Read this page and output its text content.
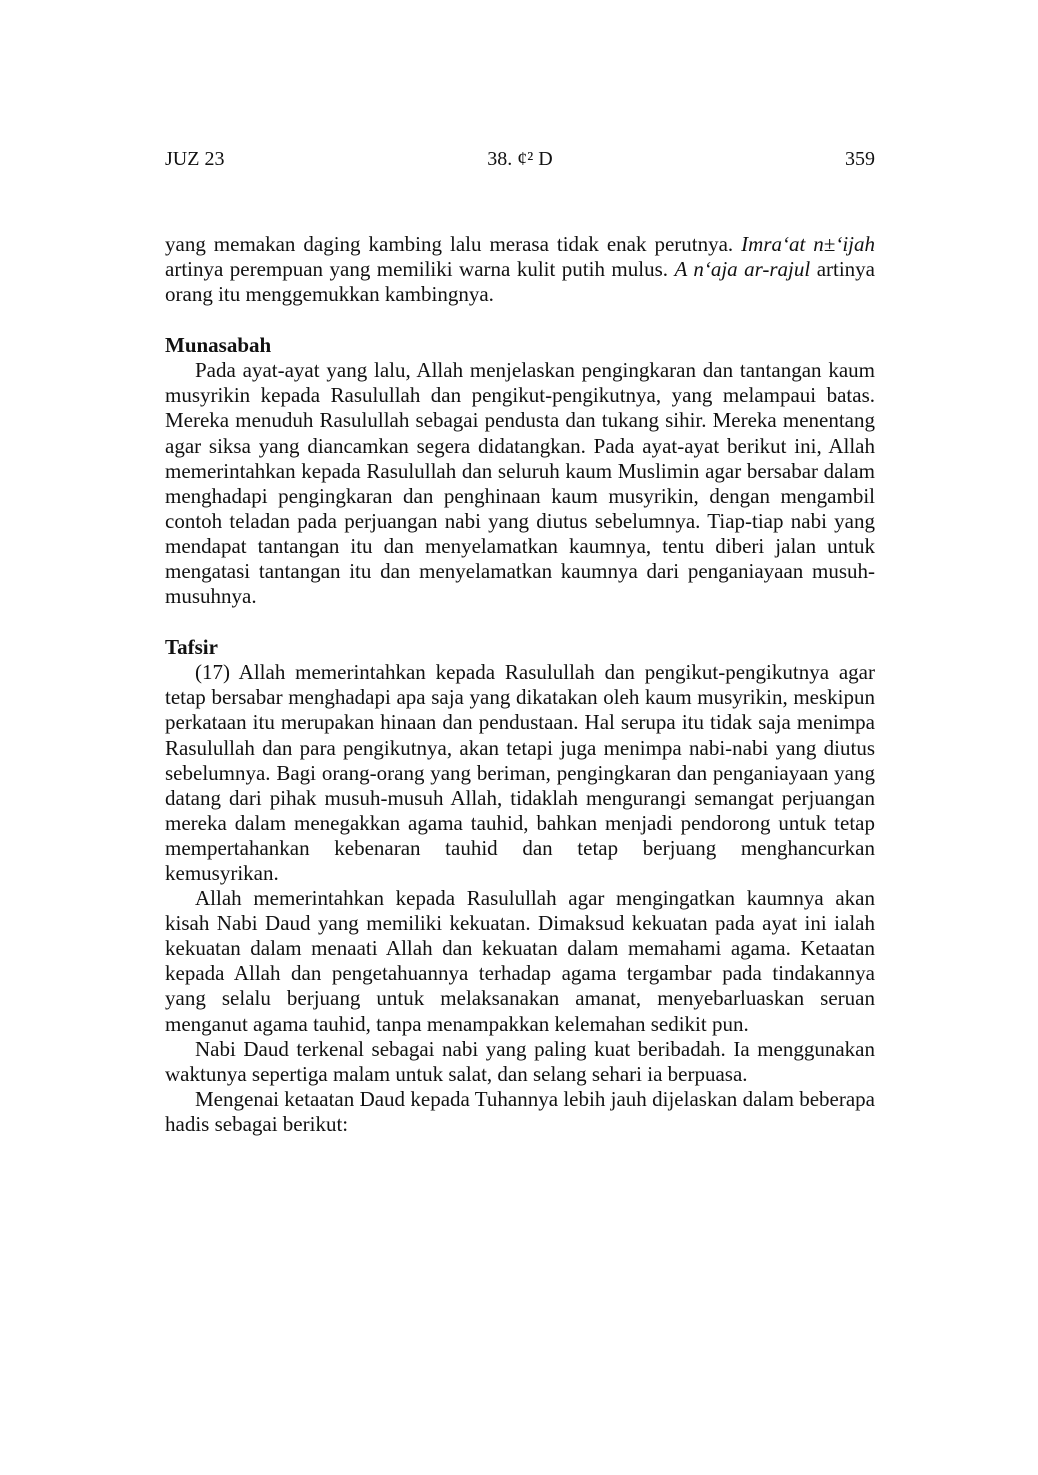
JUZ 23	38. ¢² D	359

yang memakan daging kambing lalu merasa tidak enak perutnya. Imra‘at n±‘ijah artinya perempuan yang memiliki warna kulit putih mulus. A n‘aja ar-rajul artinya orang itu menggemukkan kambingnya.

Munasabah

Pada ayat-ayat yang lalu, Allah menjelaskan pengingkaran dan tantangan kaum musyrikin kepada Rasulullah dan pengikut-pengikutnya, yang melampaui batas. Mereka menuduh Rasulullah sebagai pendusta dan tukang sihir. Mereka menentang agar siksa yang diancamkan segera didatangkan. Pada ayat-ayat berikut ini, Allah memerintahkan kepada Rasulullah dan seluruh kaum Muslimin agar bersabar dalam menghadapi pengingkaran dan penghinaan kaum musyrikin, dengan mengambil contoh teladan pada perjuangan nabi yang diutus sebelumnya. Tiap-tiap nabi yang mendapat tantangan itu dan menyelamatkan kaumnya, tentu diberi jalan untuk mengatasi tantangan itu dan menyelamatkan kaumnya dari penganiayaan musuh-musuhnya.

Tafsir

(17) Allah memerintahkan kepada Rasulullah dan pengikut-pengikutnya agar tetap bersabar menghadapi apa saja yang dikatakan oleh kaum musyrikin, meskipun perkataan itu merupakan hinaan dan pendustaan. Hal serupa itu tidak saja menimpa Rasulullah dan para pengikutnya, akan tetapi juga menimpa nabi-nabi yang diutus sebelumnya. Bagi orang-orang yang beriman, pengingkaran dan penganiayaan yang datang dari pihak musuh-musuh Allah, tidaklah mengurangi semangat perjuangan mereka dalam menegakkan agama tauhid, bahkan menjadi pendorong untuk tetap mempertahankan kebenaran tauhid dan tetap berjuang menghancurkan kemusyrikan.

Allah memerintahkan kepada Rasulullah agar mengingatkan kaumnya akan kisah Nabi Daud yang memiliki kekuatan. Dimaksud kekuatan pada ayat ini ialah kekuatan dalam menaati Allah dan kekuatan dalam memahami agama. Ketaatan kepada Allah dan pengetahuannya terhadap agama tergambar pada tindakannya yang selalu berjuang untuk melaksanakan amanat, menyebarluaskan seruan menganut agama tauhid, tanpa menampakkan kelemahan sedikit pun.

Nabi Daud terkenal sebagai nabi yang paling kuat beribadah. Ia menggunakan waktunya sepertiga malam untuk salat, dan selang sehari ia berpuasa.

Mengenai ketaatan Daud kepada Tuhannya lebih jauh dijelaskan dalam beberapa hadis sebagai berikut:
